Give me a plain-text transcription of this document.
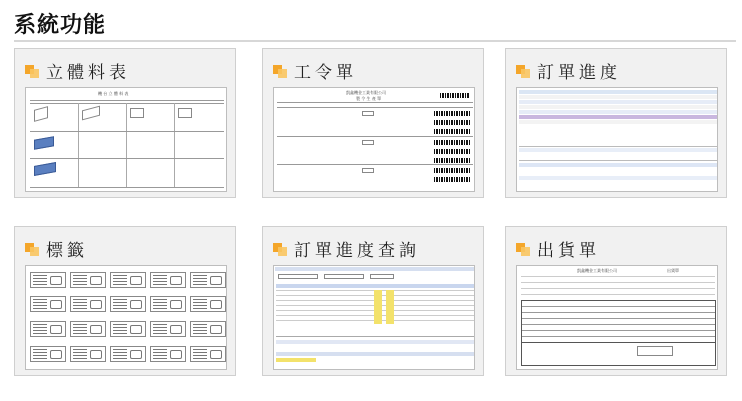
系統功能
立體料表
機 台 立 體 料 表
工令單
凱鑫機金工業有限公司
製 令 生 產 單
訂單進度
標籤	訂單進度查詢	出貨單
凱鑫機金工業有限公司	出貨單
